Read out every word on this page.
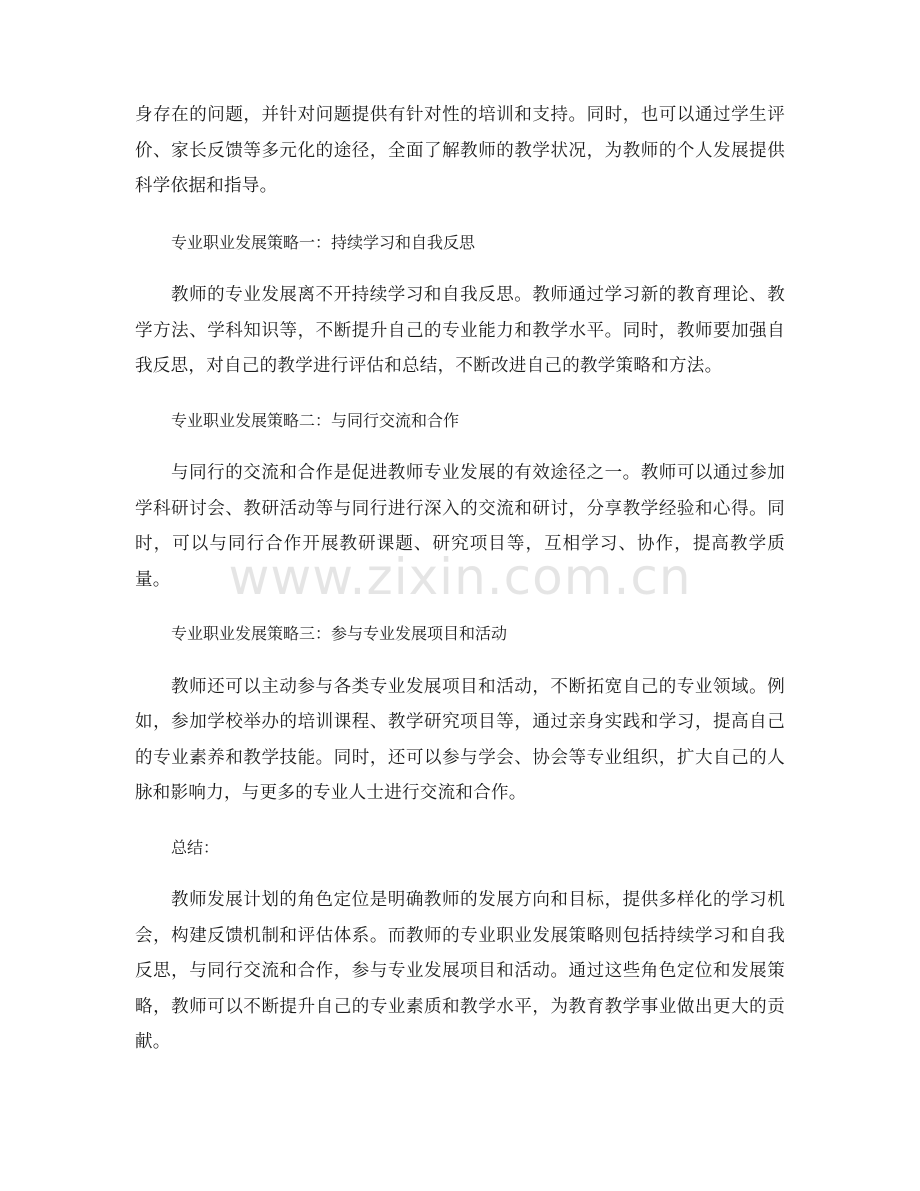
身存在的问题，并针对问题提供有针对性的培训和支持。同时，也可以通过学生评价、家长反馈等多元化的途径，全面了解教师的教学状况，为教师的个人发展提供科学依据和指导。

专业职业发展策略一：持续学习和自我反思

教师的专业发展离不开持续学习和自我反思。教师通过学习新的教育理论、教学方法、学科知识等，不断提升自己的专业能力和教学水平。同时，教师要加强自我反思，对自己的教学进行评估和总结，不断改进自己的教学策略和方法。

专业职业发展策略二：与同行交流和合作

与同行的交流和合作是促进教师专业发展的有效途径之一。教师可以通过参加学科研讨会、教研活动等与同行进行深入的交流和研讨，分享教学经验和心得。同时，可以与同行合作开展教研课题、研究项目等，互相学习、协作，提高教学质量。

专业职业发展策略三：参与专业发展项目和活动

教师还可以主动参与各类专业发展项目和活动，不断拓宽自己的专业领域。例如，参加学校举办的培训课程、教学研究项目等，通过亲身实践和学习，提高自己的专业素养和教学技能。同时，还可以参与学会、协会等专业组织，扩大自己的人脉和影响力，与更多的专业人士进行交流和合作。

总结：

教师发展计划的角色定位是明确教师的发展方向和目标，提供多样化的学习机会，构建反馈机制和评估体系。而教师的专业职业发展策略则包括持续学习和自我反思，与同行交流和合作，参与专业发展项目和活动。通过这些角色定位和发展策略，教师可以不断提升自己的专业素质和教学水平，为教育教学事业做出更大的贡献。

www.zixin.com.cn
